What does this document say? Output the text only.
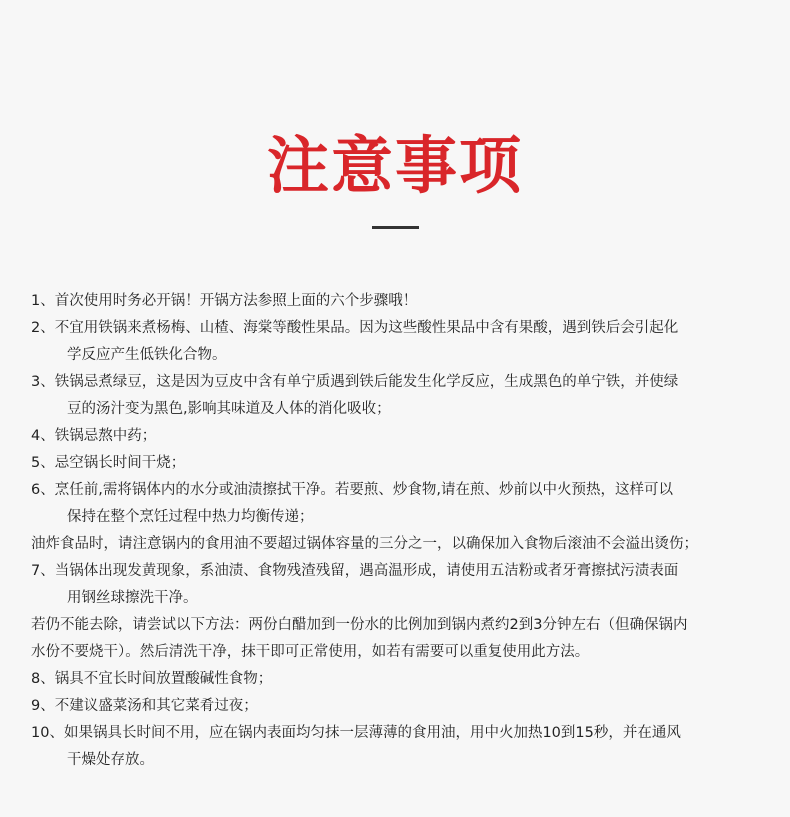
注意事项
1、首次使用时务必开锅！开锅方法参照上面的六个步骤哦！
2、不宜用铁锅来煮杨梅、山楂、海棠等酸性果品。因为这些酸性果品中含有果酸，遇到铁后会引起化
学反应产生低铁化合物。
3、铁锅忌煮绿豆，这是因为豆皮中含有单宁质遇到铁后能发生化学反应，生成黑色的单宁铁，并使绿
豆的汤汁变为黑色,影响其味道及人体的消化吸收；
4、铁锅忌熬中药；
5、忌空锅长时间干烧；
6、烹任前,需将锅体内的水分或油渍擦拭干净。若要煎、炒食物,请在煎、炒前以中火预热，这样可以
保持在整个烹饪过程中热力均衡传递；
油炸食品时，请注意锅内的食用油不要超过锅体容量的三分之一，以确保加入食物后滚油不会溢出烫伤；
7、当锅体出现发黄现象，系油渍、食物残渣残留，遇高温形成，请使用五洁粉或者牙膏擦拭污渍表面
用钢丝球擦洗干净。
若仍不能去除，请尝试以下方法：两份白醋加到一份水的比例加到锅内煮约2到3分钟左右（但确保锅内
水份不要烧干）。然后清洗干净，抹干即可正常使用，如若有需要可以重复使用此方法。
8、锅具不宜长时间放置酸碱性食物；
9、不建议盛菜汤和其它菜肴过夜；
10、如果锅具长时间不用，应在锅内表面均匀抹一层薄薄的食用油，用中火加热10到15秒，并在通风
干燥处存放。
